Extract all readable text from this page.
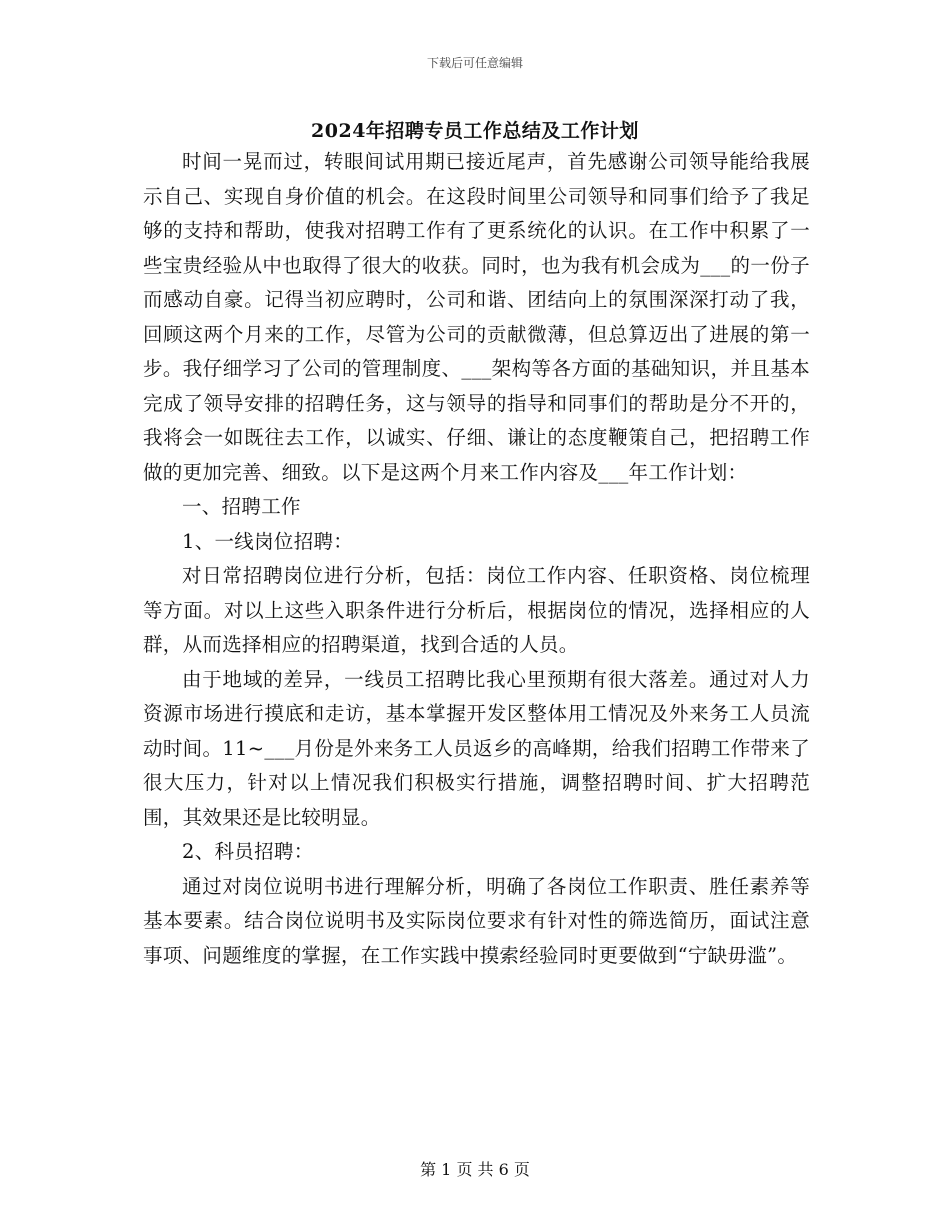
下载后可任意编辑
2024年招聘专员工作总结及工作计划

时间一晃而过，转眼间试用期已接近尾声，首先感谢公司领导能给我展示自己、实现自身价值的机会。在这段时间里公司领导和同事们给予了我足够的支持和帮助，使我对招聘工作有了更系统化的认识。在工作中积累了一些宝贵经验从中也取得了很大的收获。同时，也为我有机会成为___的一份子而感动自豪。记得当初应聘时，公司和谐、团结向上的氛围深深打动了我，回顾这两个月来的工作，尽管为公司的贡献微薄，但总算迈出了进展的第一步。我仔细学习了公司的管理制度、___架构等各方面的基础知识，并且基本完成了领导安排的招聘任务，这与领导的指导和同事们的帮助是分不开的，我将会一如既往去工作，以诚实、仔细、谦让的态度鞭策自己，把招聘工作做的更加完善、细致。以下是这两个月来工作内容及___年工作计划：

一、招聘工作

1、一线岗位招聘：

对日常招聘岗位进行分析，包括：岗位工作内容、任职资格、岗位梳理等方面。对以上这些入职条件进行分析后，根据岗位的情况，选择相应的人群，从而选择相应的招聘渠道，找到合适的人员。

由于地域的差异，一线员工招聘比我心里预期有很大落差。通过对人力资源市场进行摸底和走访，基本掌握开发区整体用工情况及外来务工人员流动时间。11~___月份是外来务工人员返乡的高峰期，给我们招聘工作带来了很大压力，针对以上情况我们积极实行措施，调整招聘时间、扩大招聘范围，其效果还是比较明显。

2、科员招聘：

通过对岗位说明书进行理解分析，明确了各岗位工作职责、胜任素养等基本要素。结合岗位说明书及实际岗位要求有针对性的筛选简历，面试注意事项、问题维度的掌握，在工作实践中摸索经验同时更要做到“宁缺毋滥”。

第 1 页 共 6 页
